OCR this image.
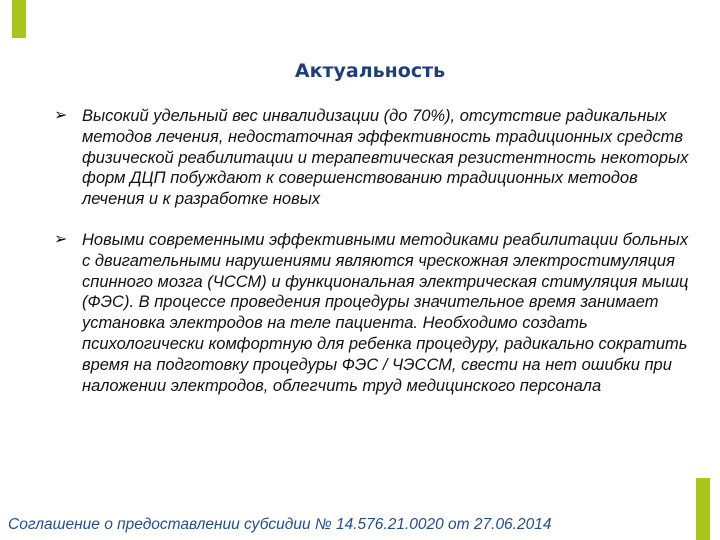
Актуальность
➢ Высокий удельный вес инвалидизации (до 70%), отсутствие радикальных методов лечения, недостаточная эффективность традиционных средств физической реабилитации и терапевтическая резистентность некоторых форм ДЦП побуждают к совершенствованию традиционных методов лечения и к разработке новых
➢ Новыми современными эффективными методиками реабилитации больных с двигательными нарушениями являются чрескожная электростимуляция спинного мозга (ЧССМ) и функциональная электрическая стимуляция мышц (ФЭС). В процессе проведения процедуры значительное время занимает установка электродов на теле пациента. Необходимо создать психологически комфортную для ребенка процедуру, радикально сократить время на подготовку процедуры ФЭС / ЧЭССМ, свести на нет ошибки при наложении электродов, облегчить труд медицинского персонала
Соглашение о предоставлении субсидии № 14.576.21.0020 от 27.06.2014
